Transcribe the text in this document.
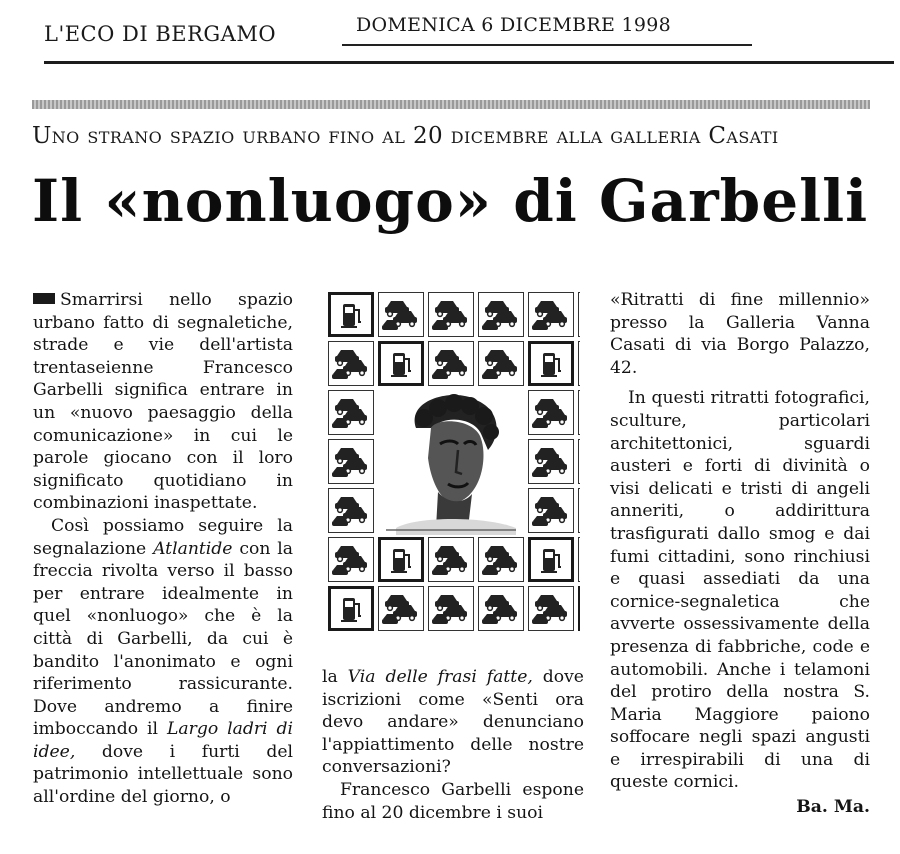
L'ECO DI BERGAMO	DOMENICA 6 DICEMBRE 1998
Uno strano spazio urbano fino al 20 dicembre alla galleria Casati
Il «nonluogo» di Garbelli

Smarrirsi nello spazio urbano fatto di segnaletiche, strade e vie dell'artista trentaseienne Francesco Garbelli significa entrare in un «nuovo paesaggio della comunicazione» in cui le parole giocano con il loro significato quotidiano in combinazioni inaspettate.

Così possiamo seguire la segnalazione Atlantide con la freccia rivolta verso il basso per entrare idealmente in quel «nonluogo» che è la città di Garbelli, da cui è bandito l'anonimato e ogni riferimento rassicurante. Dove andremo a finire imboccando il Largo ladri di idee, dove i furti del patrimonio intellettuale sono all'ordine del giorno, o

la Via delle frasi fatte, dove iscrizioni come «Senti ora devo andare» denunciano l'appiattimento delle nostre conversazioni?

Francesco Garbelli espone fino al 20 dicembre i suoi

«Ritratti di fine millennio» presso la Galleria Vanna Casati di via Borgo Palazzo, 42.

In questi ritratti fotografici, sculture, particolari architettonici, sguardi austeri e forti di divinità o visi delicati e tristi di angeli anneriti, o addirittura trasfigurati dallo smog e dai fumi cittadini, sono rinchiusi e quasi assediati da una cornice-segnaletica che avverte ossessivamente della presenza di fabbriche, code e automobili. Anche i telamoni del protiro della nostra S. Maria Maggiore paiono soffocare negli spazi angusti e irrespirabili di una di queste cornici.

Ba. Ma.
